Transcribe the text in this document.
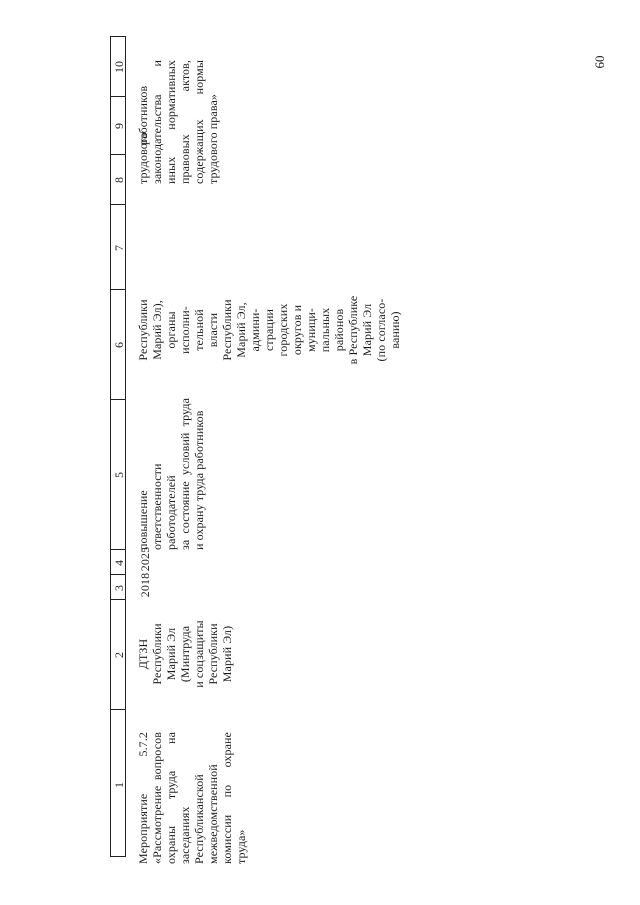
60
1
2
3
4
5
6
7
8
9
10
трудового
законодательства и иных нормативных правовых актов, содержащих нормы трудового права»
Республики
Марий Эл),
органы
исполни-
тельной
власти
Республики
Марий Эл,
админи-
страции
городских
округов и
муници-
пальных
районов
в Республике
Марий Эл
(по согласо-
ванию)
работников
Мероприятие 5.7.2 «Рассмотрение вопросов охраны труда на заседаниях Республиканской межведомственной комиссии по охране труда»
ДТЗН
Республики
Марий Эл
(Минтруда
и соцзащиты
Республики
Марий Эл)
2018
2025
повышение
ответственности
работодателей
за состояние условий труда и охрану труда работников
